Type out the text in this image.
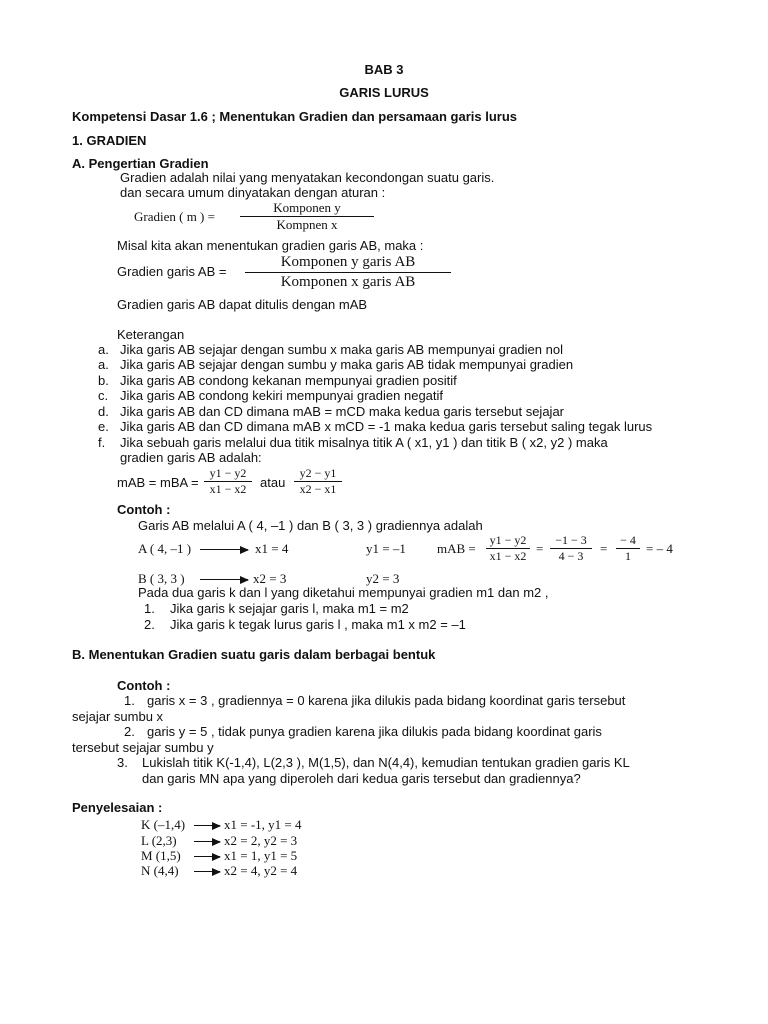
BAB 3
GARIS LURUS
Kompetensi Dasar 1.6 ; Menentukan Gradien dan persamaan garis lurus
1. GRADIEN
A. Pengertian Gradien
Gradien adalah nilai yang menyatakan kecondongan suatu garis.
dan secara umum dinyatakan dengan aturan :
Gradien ( m ) =
Komponen y
Kompnen x
Misal kita akan menentukan gradien garis AB, maka :
Gradien garis AB =
Komponen y garis AB
Komponen x garis AB
Gradien garis AB dapat ditulis dengan mAB
Keterangan
a. Jika garis AB sejajar dengan sumbu x maka garis AB mempunyai gradien nol
a. Jika garis AB sejajar dengan sumbu y maka garis AB tidak mempunyai gradien
b. Jika garis AB condong kekanan mempunyai gradien positif
c. Jika garis AB condong kekiri mempunyai gradien negatif
d. Jika garis AB dan CD dimana mAB = mCD maka kedua garis tersebut sejajar
e. Jika garis AB dan CD dimana mAB x mCD = -1 maka kedua garis tersebut saling tegak lurus
f. Jika sebuah garis melalui dua titik misalnya titik A ( x1, y1 ) dan titik B ( x2, y2 ) maka
gradien garis AB adalah:
mAB = mBA =
y1 − y2
x1 − x2	atau
y2 − y1
x2 − x1
Contoh :
Garis AB melalui A ( 4, –1 ) dan B ( 3, 3 ) gradiennya adalah
A ( 4, –1 )	x1 = 4	y1 = –1 mAB =
y1 − y2
x1 − x2 =
−1 − 3
4 − 3	=
− 4
1	= – 4
B ( 3, 3 )	x2 = 3	y2 = 3
Pada dua garis k dan l yang diketahui mempunyai gradien m1 dan m2 ,
1. Jika garis k sejajar garis l, maka m1 = m2
2. Jika garis k tegak lurus garis l , maka m1 x m2 = –1
B. Menentukan Gradien suatu garis dalam berbagai bentuk
Contoh :
1. garis x = 3 , gradiennya = 0 karena jika dilukis pada bidang koordinat garis tersebut
sejajar sumbu x
2. garis y = 5 , tidak punya gradien karena jika dilukis pada bidang koordinat garis
tersebut sejajar sumbu y
3. Lukislah titik K(-1,4), L(2,3 ), M(1,5), dan N(4,4), kemudian tentukan gradien garis KL
dan garis MN apa yang diperoleh dari kedua garis tersebut dan gradiennya?
Penyelesaian :
K (–1,4)	x1 = -1, y1 = 4
L (2,3)	x2 = 2, y2 = 3
M (1,5)	x1 = 1, y1 = 5
N (4,4)	x2 = 4, y2 = 4
